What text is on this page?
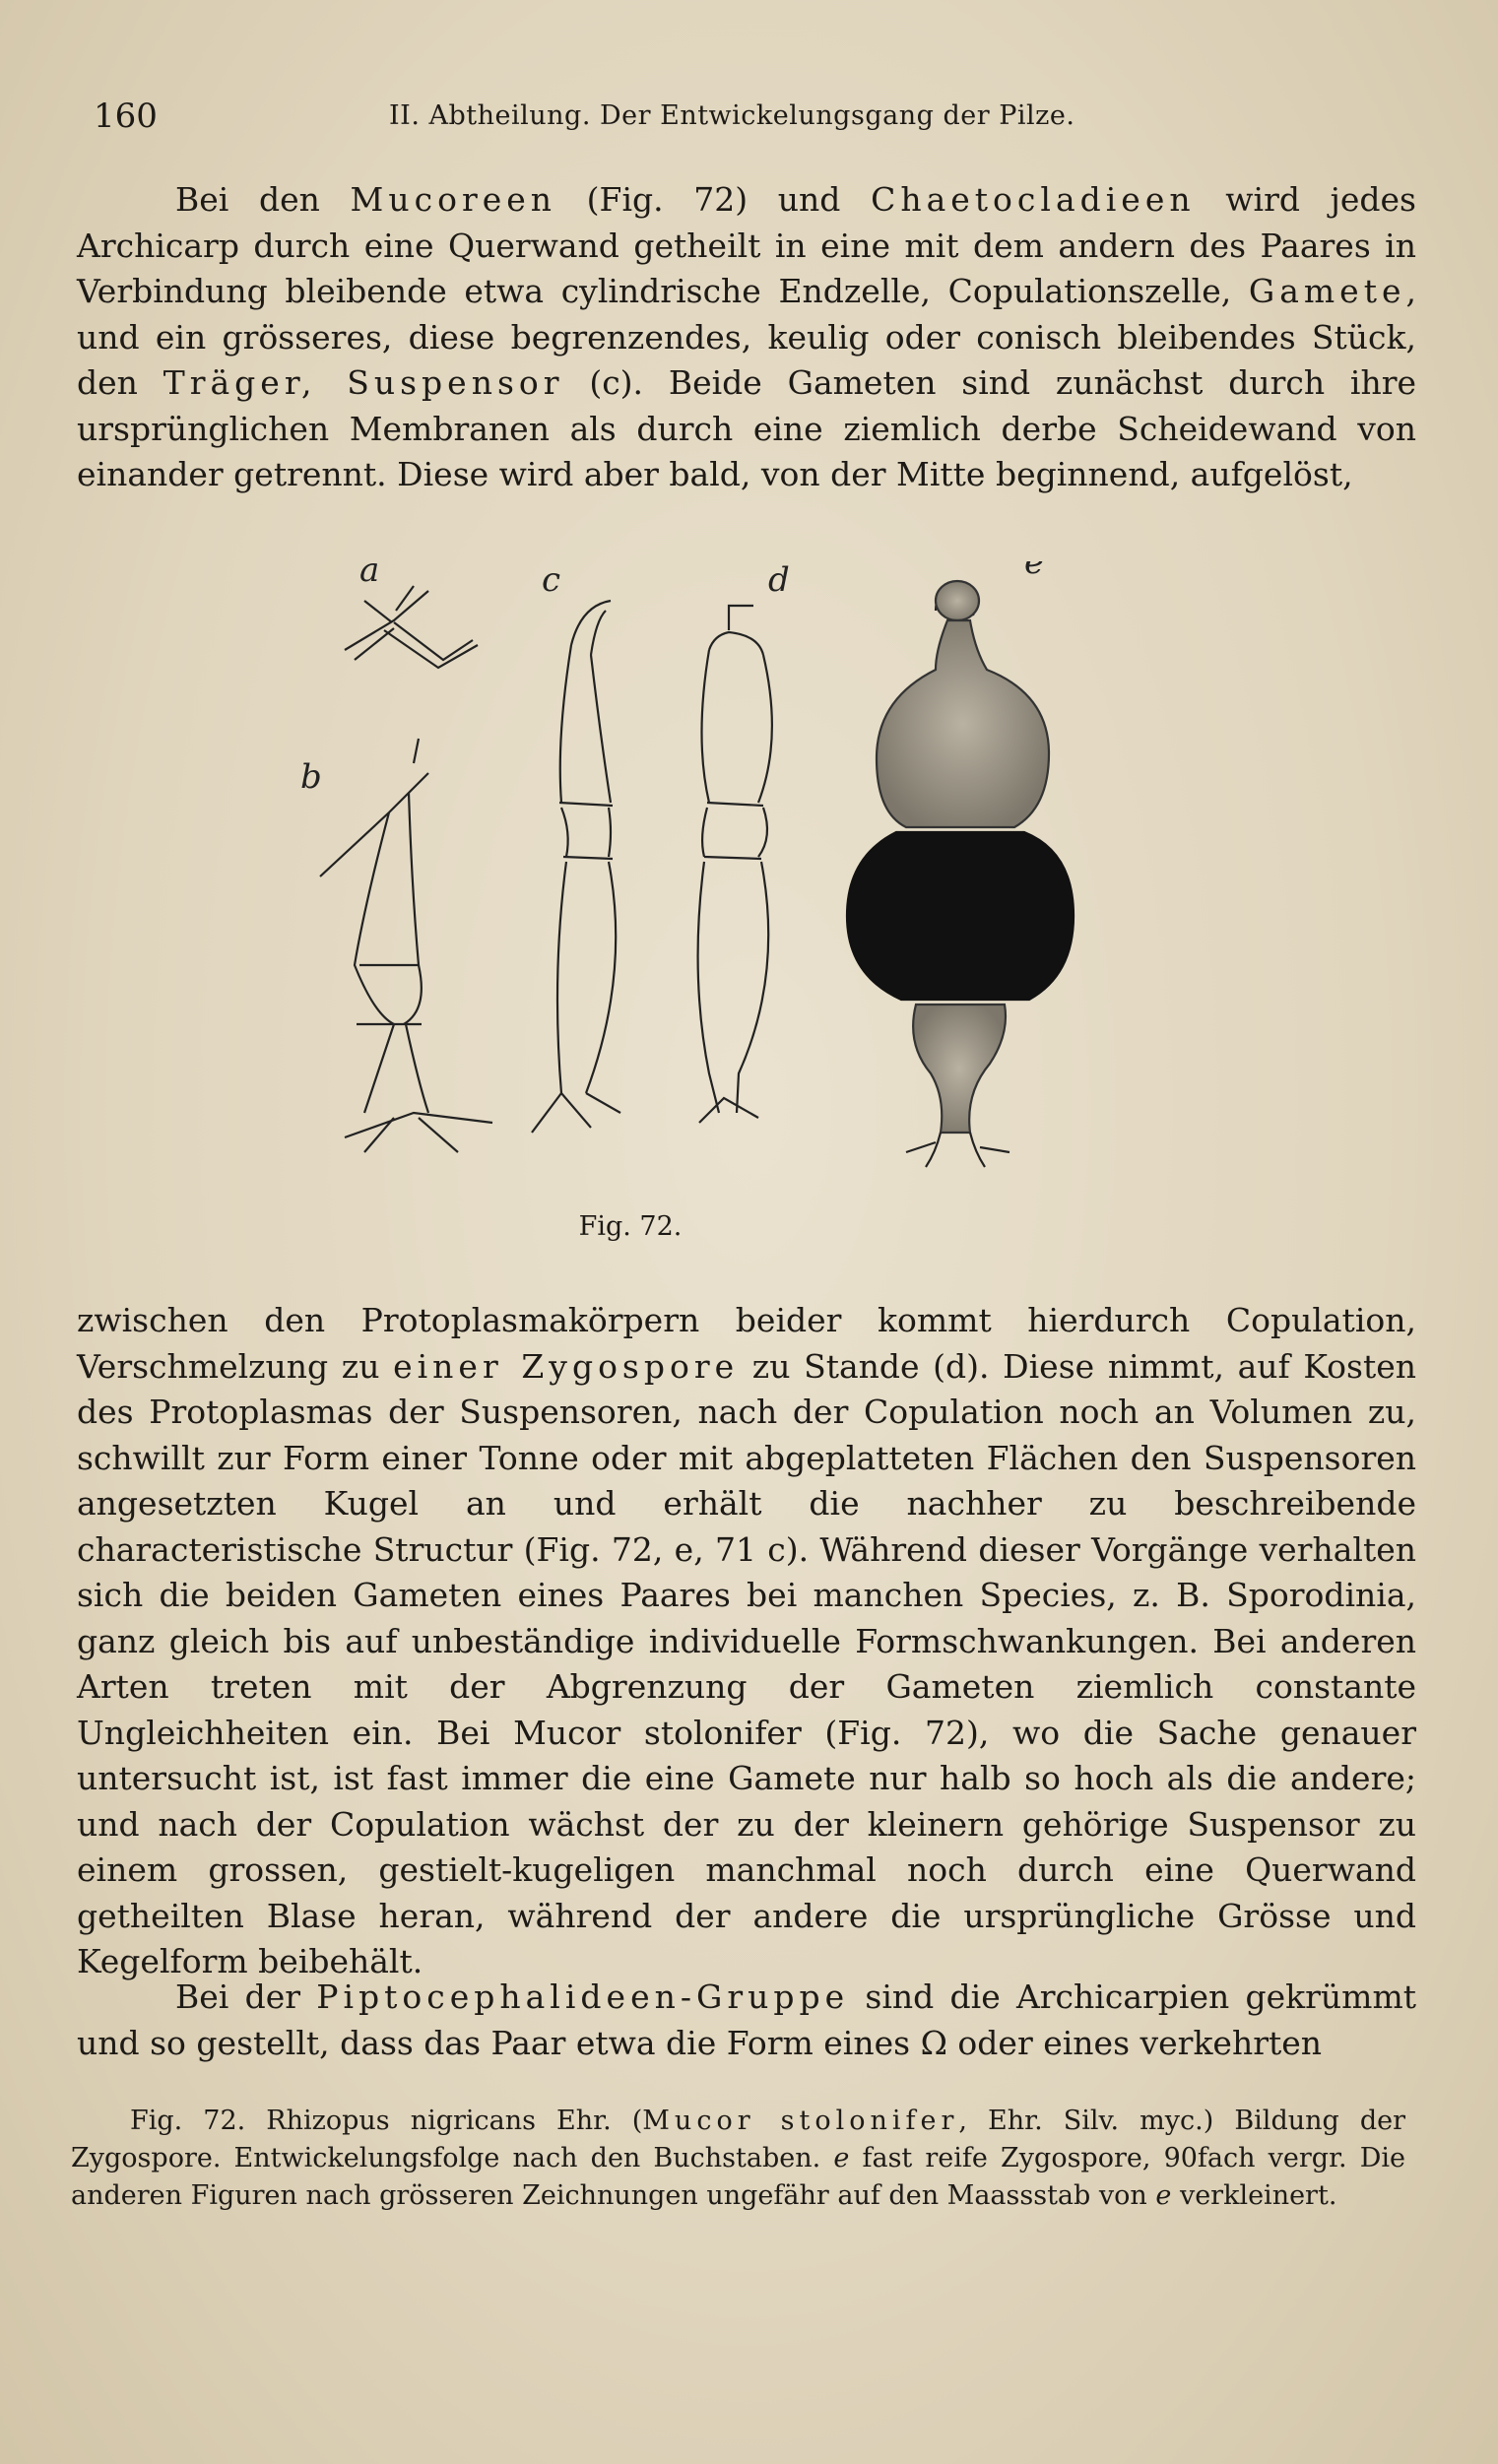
160	II. Abtheilung. Der Entwickelungsgang der Pilze.

Bei den Mucoreen (Fig. 72) und Chaetocladieen wird jedes Archicarp durch eine Querwand getheilt in eine mit dem andern des Paares in Verbindung bleibende etwa cylindrische Endzelle, Copulationszelle, Gamete, und ein grösseres, diese begrenzendes, keulig oder conisch bleibendes Stück, den Träger, Suspensor (c). Beide Gameten sind zunächst durch ihre ursprünglichen Membranen als durch eine ziemlich derbe Scheidewand von einander getrennt. Diese wird aber bald, von der Mitte beginnend, aufgelöst,

a
b
c	d	e
Fig. 72.

zwischen den Protoplasmakörpern beider kommt hierdurch Copulation, Verschmelzung zu einer Zygospore zu Stande (d). Diese nimmt, auf Kosten des Protoplasmas der Suspensoren, nach der Copulation noch an Volumen zu, schwillt zur Form einer Tonne oder mit abgeplatteten Flächen den Suspensoren angesetzten Kugel an und erhält die nachher zu beschreibende characteristische Structur (Fig. 72, e, 71 c). Während dieser Vorgänge verhalten sich die beiden Gameten eines Paares bei manchen Species, z. B. Sporodinia, ganz gleich bis auf unbeständige individuelle Formschwankungen. Bei anderen Arten treten mit der Abgrenzung der Gameten ziemlich constante Ungleichheiten ein. Bei Mucor stolonifer (Fig. 72), wo die Sache genauer untersucht ist, ist fast immer die eine Gamete nur halb so hoch als die andere; und nach der Copulation wächst der zu der kleinern gehörige Suspensor zu einem grossen, gestielt-kugeligen manchmal noch durch eine Querwand getheilten Blase heran, während der andere die ursprüngliche Grösse und Kegelform beibehält.

Bei der Piptocephalideen-Gruppe sind die Archicarpien gekrümmt und so gestellt, dass das Paar etwa die Form eines Ω oder eines verkehrten

Fig. 72. Rhizopus nigricans Ehr. (Mucor stolonifer, Ehr. Silv. myc.) Bildung der Zygospore. Entwickelungsfolge nach den Buchstaben. e fast reife Zygospore, 90fach vergr. Die anderen Figuren nach grösseren Zeichnungen ungefähr auf den Maassstab von e verkleinert.
